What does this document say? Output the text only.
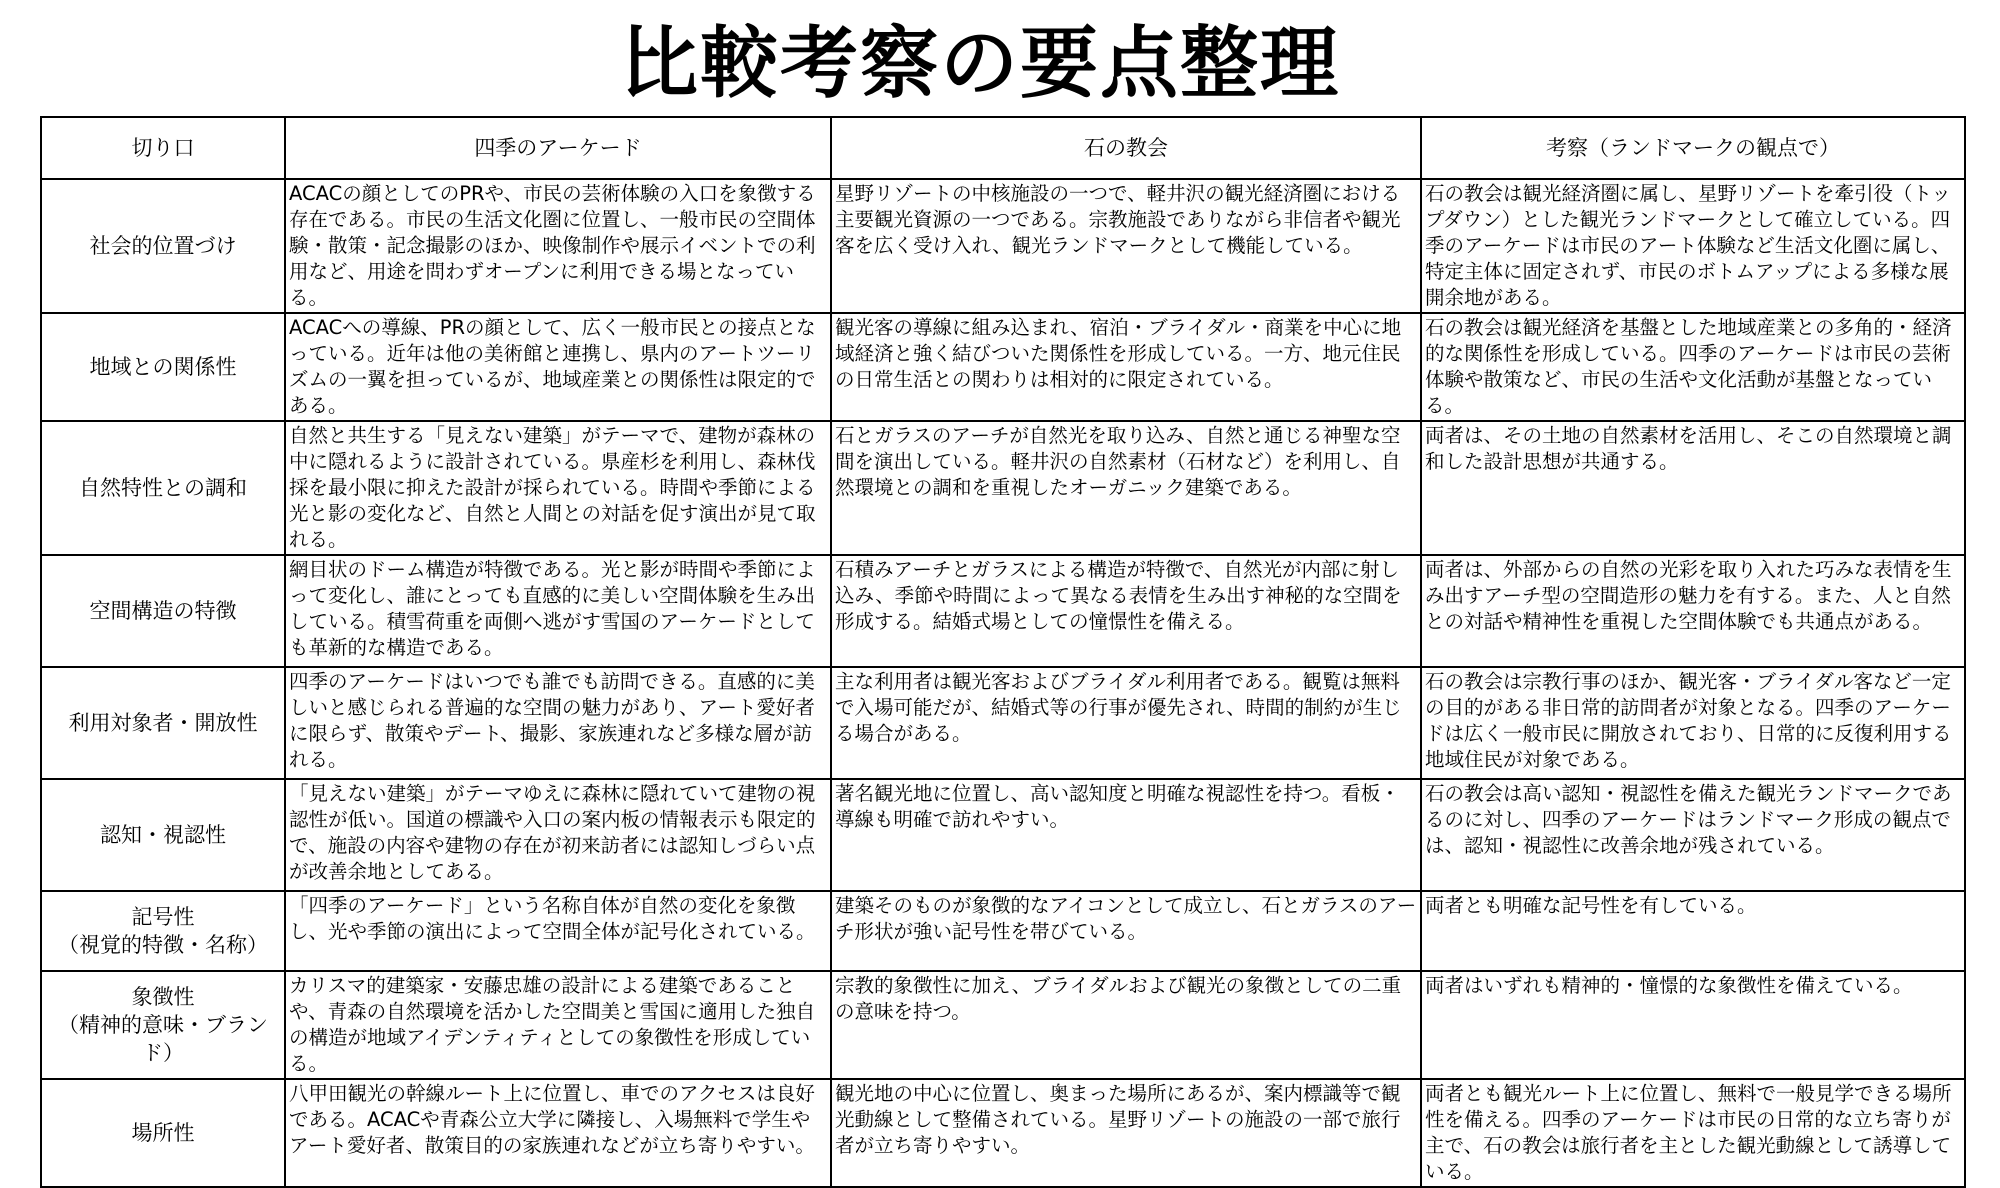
比較考察の要点整理
切り口	四季のアーケード	石の教会	考察（ランドマークの観点で）
社会的位置づけ	ACACの顔としてのPRや、市民の芸術体験の入口を象徴する存在である。市民の生活文化圏に位置し、一般市民の空間体験・散策・記念撮影のほか、映像制作や展示イベントでの利用など、用途を問わずオープンに利用できる場となっている。	星野リゾートの中核施設の一つで、軽井沢の観光経済圏における主要観光資源の一つである。宗教施設でありながら非信者や観光客を広く受け入れ、観光ランドマークとして機能している。	石の教会は観光経済圏に属し、星野リゾートを牽引役（トップダウン）とした観光ランドマークとして確立している。四季のアーケードは市民のアート体験など生活文化圏に属し、特定主体に固定されず、市民のボトムアップによる多様な展開余地がある。
地域との関係性	ACACへの導線、PRの顔として、広く一般市民との接点となっている。近年は他の美術館と連携し、県内のアートツーリズムの一翼を担っているが、地域産業との関係性は限定的である。	観光客の導線に組み込まれ、宿泊・ブライダル・商業を中心に地域経済と強く結びついた関係性を形成している。一方、地元住民の日常生活との関わりは相対的に限定されている。	石の教会は観光経済を基盤とした地域産業との多角的・経済的な関係性を形成している。四季のアーケードは市民の芸術体験や散策など、市民の生活や文化活動が基盤となっている。
自然特性との調和	自然と共生する「見えない建築」がテーマで、建物が森林の中に隠れるように設計されている。県産杉を利用し、森林伐採を最小限に抑えた設計が採られている。時間や季節による光と影の変化など、自然と人間との対話を促す演出が見て取れる。	石とガラスのアーチが自然光を取り込み、自然と通じる神聖な空間を演出している。軽井沢の自然素材（石材など）を利用し、自然環境との調和を重視したオーガニック建築である。	両者は、その土地の自然素材を活用し、そこの自然環境と調和した設計思想が共通する。
空間構造の特徴	網目状のドーム構造が特徴である。光と影が時間や季節によって変化し、誰にとっても直感的に美しい空間体験を生み出している。積雪荷重を両側へ逃がす雪国のアーケードとしても革新的な構造である。	石積みアーチとガラスによる構造が特徴で、自然光が内部に射し込み、季節や時間によって異なる表情を生み出す神秘的な空間を形成する。結婚式場としての憧憬性を備える。	両者は、外部からの自然の光彩を取り入れた巧みな表情を生み出すアーチ型の空間造形の魅力を有する。また、人と自然との対話や精神性を重視した空間体験でも共通点がある。
利用対象者・開放性	四季のアーケードはいつでも誰でも訪問できる。直感的に美しいと感じられる普遍的な空間の魅力があり、アート愛好者に限らず、散策やデート、撮影、家族連れなど多様な層が訪れる。	主な利用者は観光客およびブライダル利用者である。観覧は無料で入場可能だが、結婚式等の行事が優先され、時間的制約が生じる場合がある。	石の教会は宗教行事のほか、観光客・ブライダル客など一定の目的がある非日常的訪問者が対象となる。四季のアーケードは広く一般市民に開放されており、日常的に反復利用する地域住民が対象である。
認知・視認性	「見えない建築」がテーマゆえに森林に隠れていて建物の視認性が低い。国道の標識や入口の案内板の情報表示も限定的で、施設の内容や建物の存在が初来訪者には認知しづらい点が改善余地としてある。	著名観光地に位置し、高い認知度と明確な視認性を持つ。看板・導線も明確で訪れやすい。	石の教会は高い認知・視認性を備えた観光ランドマークであるのに対し、四季のアーケードはランドマーク形成の観点では、認知・視認性に改善余地が残されている。
記号性
（視覚的特徴・名称）	「四季のアーケード」という名称自体が自然の変化を象徴し、光や季節の演出によって空間全体が記号化されている。	建築そのものが象徴的なアイコンとして成立し、石とガラスのアーチ形状が強い記号性を帯びている。	両者とも明確な記号性を有している。
象徴性
（精神的意味・ブランド）	カリスマ的建築家・安藤忠雄の設計による建築であることや、青森の自然環境を活かした空間美と雪国に適用した独自の構造が地域アイデンティティとしての象徴性を形成している。	宗教的象徴性に加え、ブライダルおよび観光の象徴としての二重の意味を持つ。	両者はいずれも精神的・憧憬的な象徴性を備えている。
場所性	八甲田観光の幹線ルート上に位置し、車でのアクセスは良好である。ACACや青森公立大学に隣接し、入場無料で学生やアート愛好者、散策目的の家族連れなどが立ち寄りやすい。	観光地の中心に位置し、奥まった場所にあるが、案内標識等で観光動線として整備されている。星野リゾートの施設の一部で旅行者が立ち寄りやすい。	両者とも観光ルート上に位置し、無料で一般見学できる場所性を備える。四季のアーケードは市民の日常的な立ち寄りが主で、石の教会は旅行者を主とした観光動線として誘導している。
